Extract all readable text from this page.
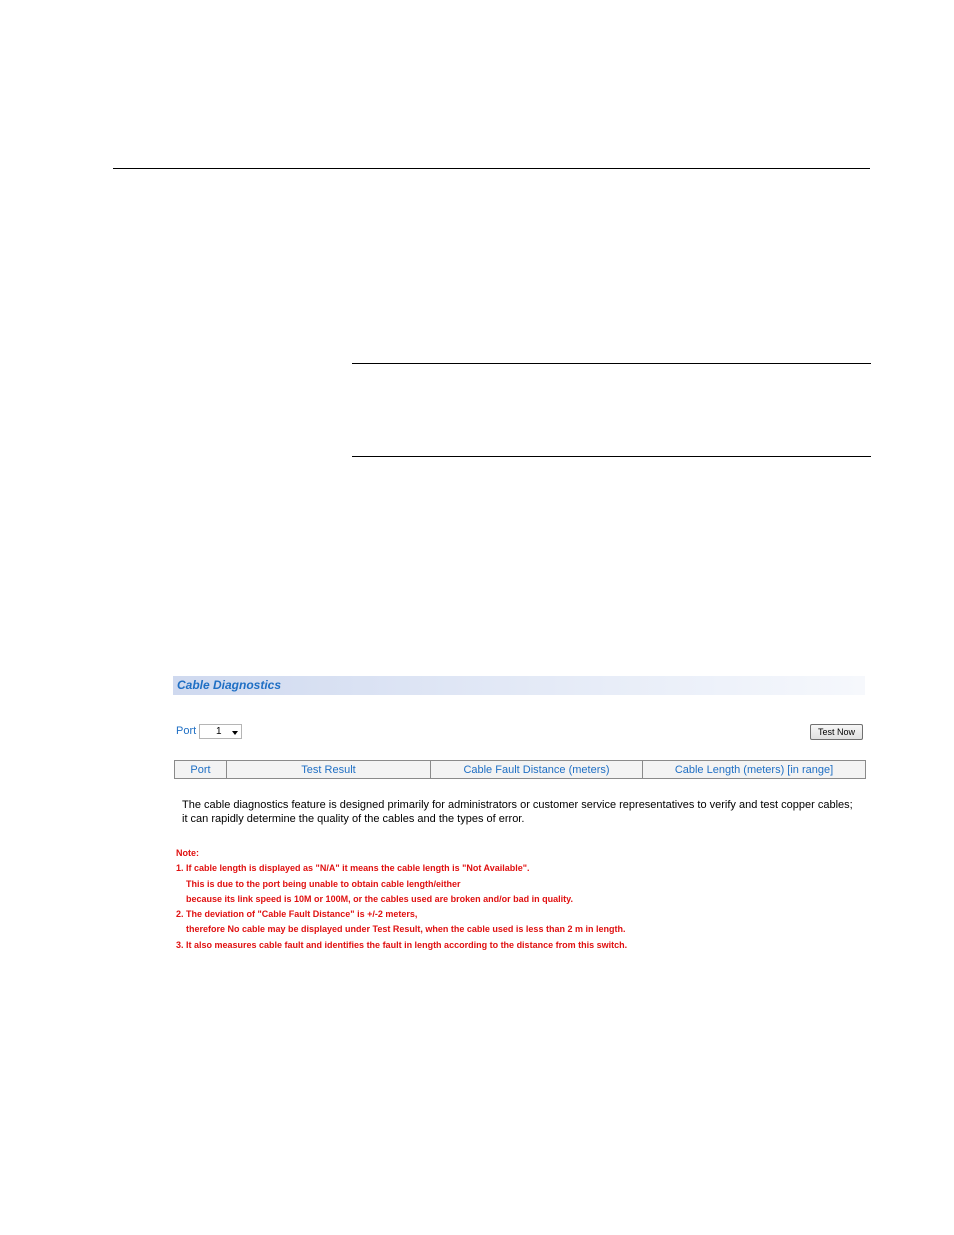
Cable Diagnostics
Port 1	Test Now
Port	Test Result	Cable Fault Distance (meters)	Cable Length (meters) [in range]
The cable diagnostics feature is designed primarily for administrators or customer service representatives to verify and test copper cables;
it can rapidly determine the quality of the cables and the types of error.
Note:
1. If cable length is displayed as "N/A" it means the cable length is "Not Available".
This is due to the port being unable to obtain cable length/either
because its link speed is 10M or 100M, or the cables used are broken and/or bad in quality.
2. The deviation of "Cable Fault Distance" is +/-2 meters,
therefore No cable may be displayed under Test Result, when the cable used is less than 2 m in length.
3. It also measures cable fault and identifies the fault in length according to the distance from this switch.
